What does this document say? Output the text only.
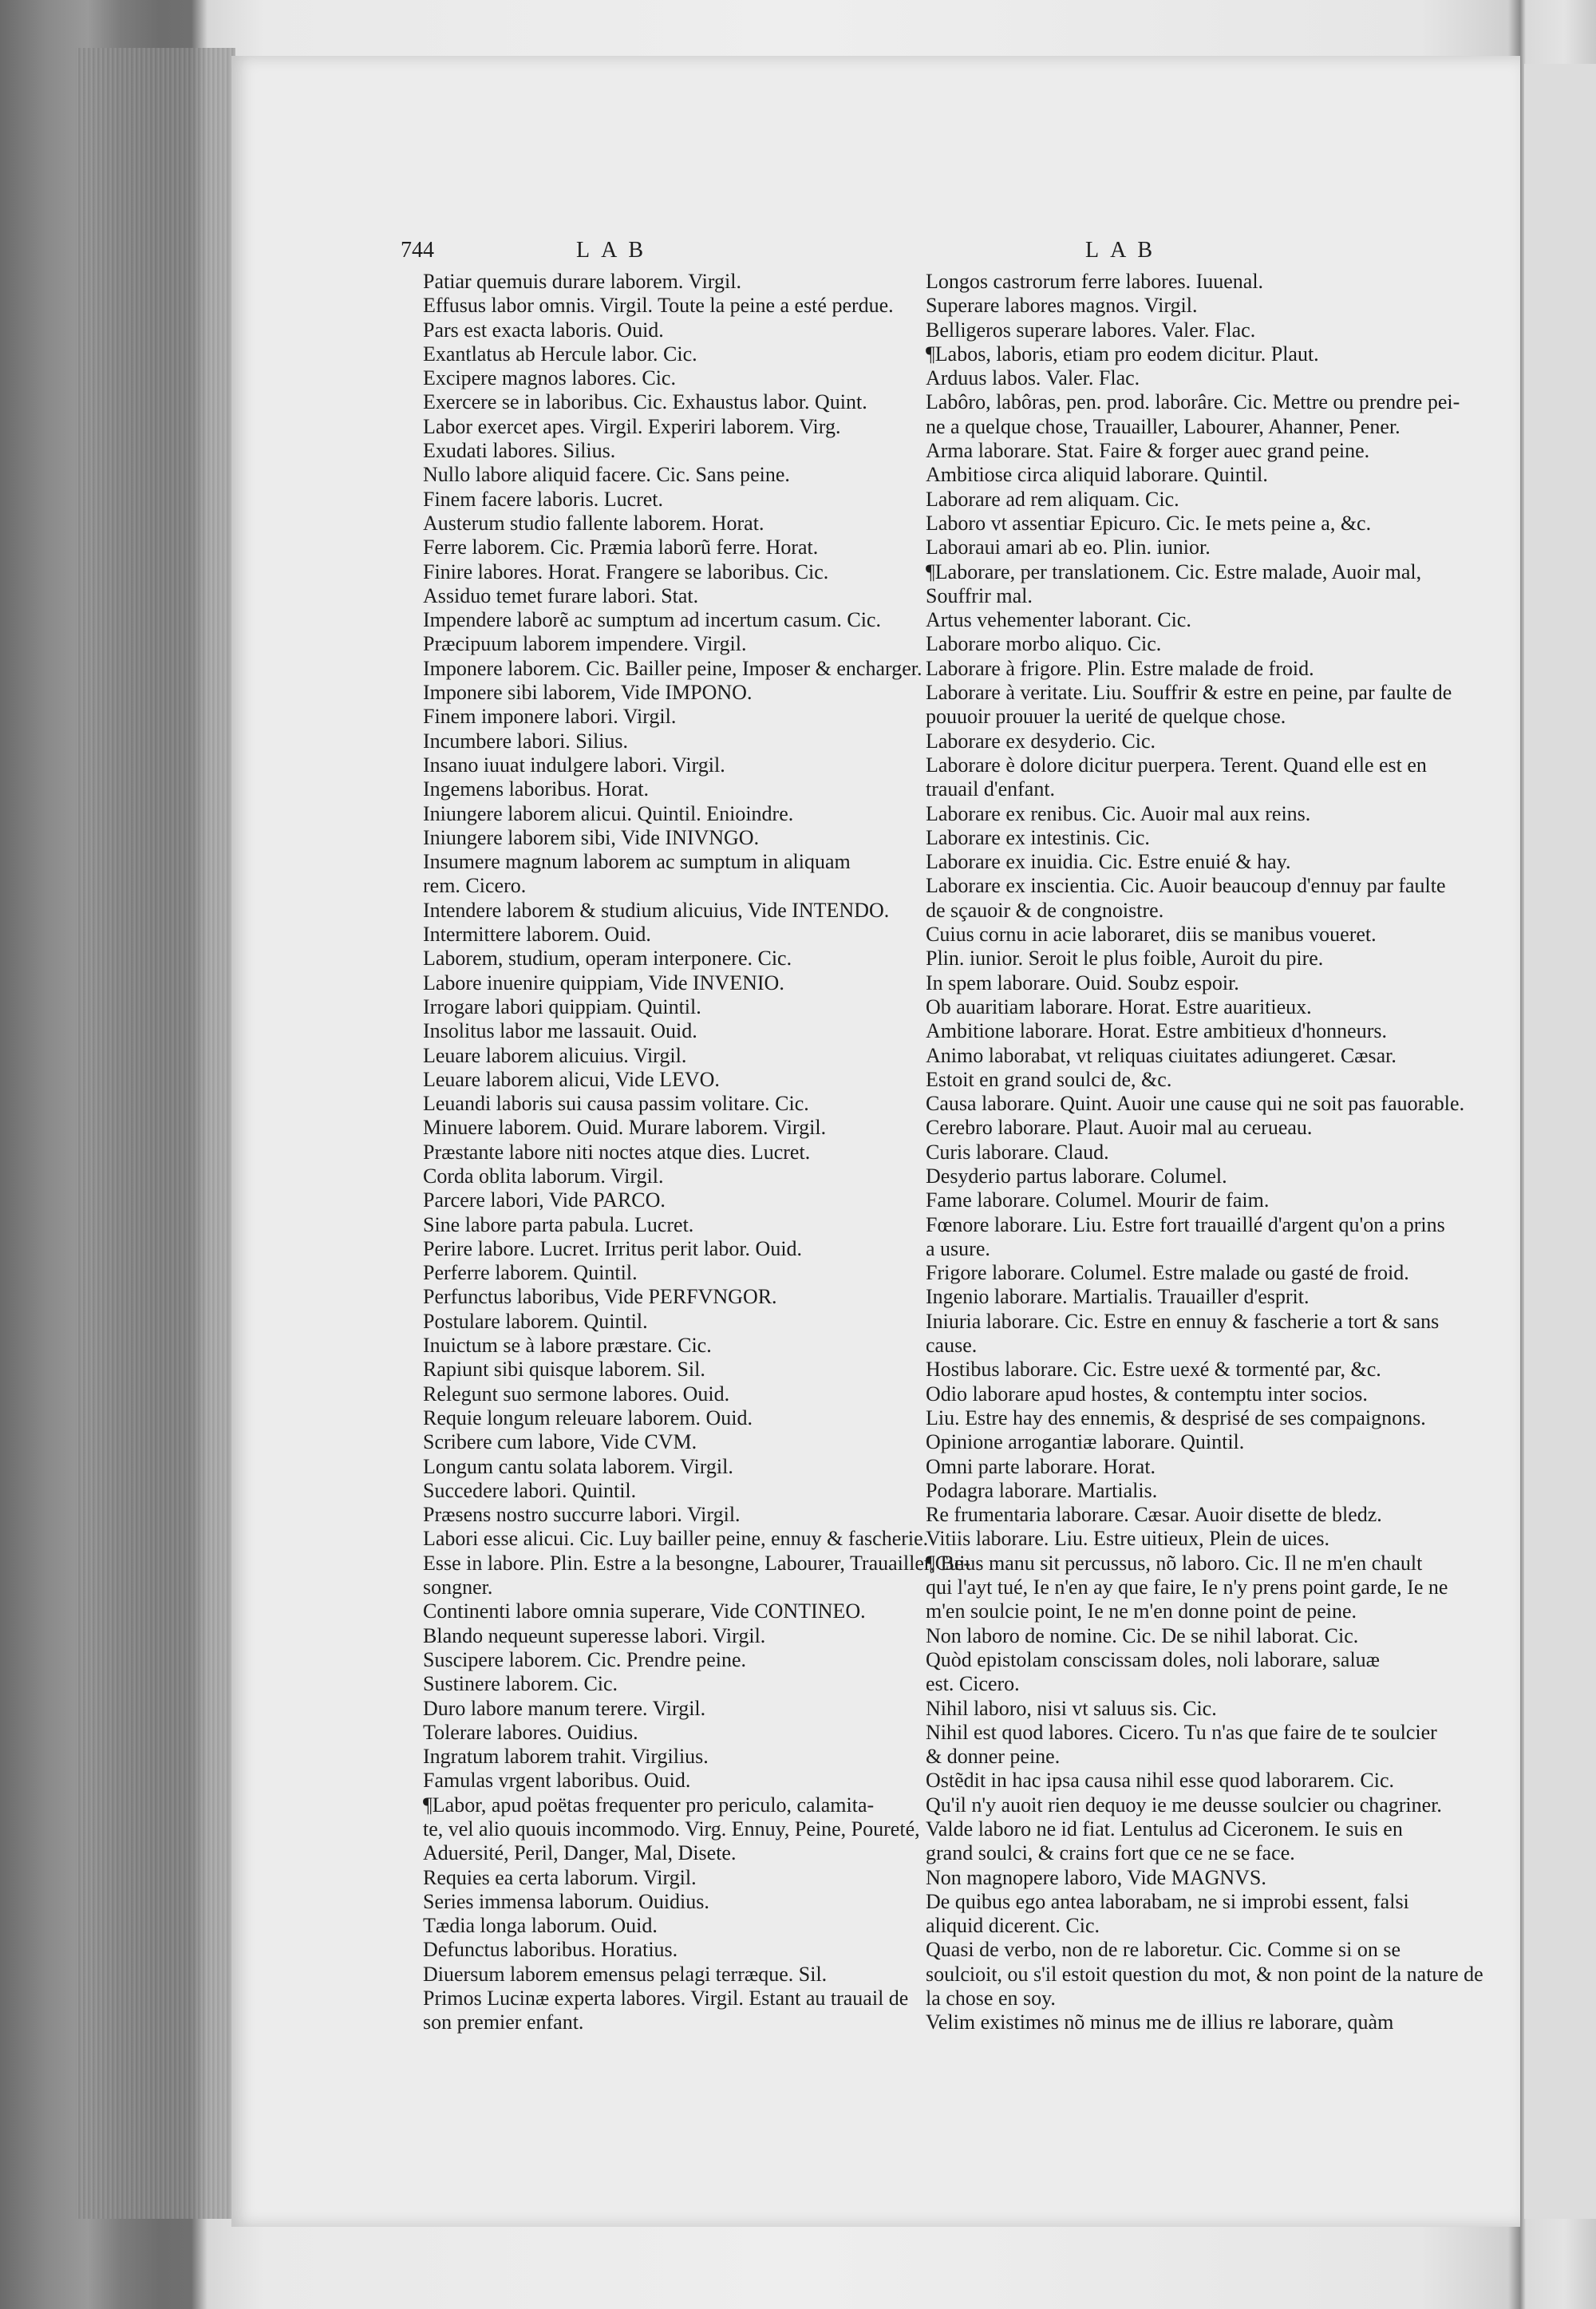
744	LAB	LAB

Patiar quemuis durare laborem. Virgil.

Effusus labor omnis. Virgil. Toute la peine a esté perdue.

Pars est exacta laboris. Ouid.

Exantlatus ab Hercule labor. Cic.

Excipere magnos labores. Cic.

Exercere se in laboribus. Cic. Exhaustus labor. Quint.

Labor exercet apes. Virgil. Experiri laborem. Virg.

Exudati labores. Silius.

Nullo labore aliquid facere. Cic. Sans peine.

Finem facere laboris. Lucret.

Austerum studio fallente laborem. Horat.

Ferre laborem. Cic. Præmia laborũ ferre. Horat.

Finire labores. Horat. Frangere se laboribus. Cic.

Assiduo temet furare labori. Stat.

Impendere laborẽ ac sumptum ad incertum casum. Cic.

Præcipuum laborem impendere. Virgil.

Imponere laborem. Cic. Bailler peine, Imposer & encharger.

Imponere sibi laborem, Vide IMPONO.

Finem imponere labori. Virgil.

Incumbere labori. Silius.

Insano iuuat indulgere labori. Virgil.

Ingemens laboribus. Horat.

Iniungere laborem alicui. Quintil. Enioindre.

Iniungere laborem sibi, Vide INIVNGO.

Insumere magnum laborem ac sumptum in aliquam

rem. Cicero.

Intendere laborem & studium alicuius, Vide INTENDO.

Intermittere laborem. Ouid.

Laborem, studium, operam interponere. Cic.

Labore inuenire quippiam, Vide INVENIO.

Irrogare labori quippiam. Quintil.

Insolitus labor me lassauit. Ouid.

Leuare laborem alicuius. Virgil.

Leuare laborem alicui, Vide LEVO.

Leuandi laboris sui causa passim volitare. Cic.

Minuere laborem. Ouid. Murare laborem. Virgil.

Præstante labore niti noctes atque dies. Lucret.

Corda oblita laborum. Virgil.

Parcere labori, Vide PARCO.

Sine labore parta pabula. Lucret.

Perire labore. Lucret. Irritus perit labor. Ouid.

Perferre laborem. Quintil.

Perfunctus laboribus, Vide PERFVNGOR.

Postulare laborem. Quintil.

Inuictum se à labore præstare. Cic.

Rapiunt sibi quisque laborem. Sil.

Relegunt suo sermone labores. Ouid.

Requie longum releuare laborem. Ouid.

Scribere cum labore, Vide CVM.

Longum cantu solata laborem. Virgil.

Succedere labori. Quintil.

Præsens nostro succurre labori. Virgil.

Labori esse alicui. Cic. Luy bailler peine, ennuy & fascherie.

Esse in labore. Plin. Estre a la besongne, Labourer, Trauailler, Be-

songner.

Continenti labore omnia superare, Vide CONTINEO.

Blando nequeunt superesse labori. Virgil.

Suscipere laborem. Cic. Prendre peine.

Sustinere laborem. Cic.

Duro labore manum terere. Virgil.

Tolerare labores. Ouidius.

Ingratum laborem trahit. Virgilius.

Famulas vrgent laboribus. Ouid.

¶Labor, apud poëtas frequenter pro periculo, calamita-

te, vel alio quouis incommodo. Virg. Ennuy, Peine, Poureté,

Aduersité, Peril, Danger, Mal, Disete.

Requies ea certa laborum. Virgil.

Series immensa laborum. Ouidius.

Tædia longa laborum. Ouid.

Defunctus laboribus. Horatius.

Diuersum laborem emensus pelagi terræque. Sil.

Primos Lucinæ experta labores. Virgil. Estant au trauail de

son premier enfant.

Longos castrorum ferre labores. Iuuenal.

Superare labores magnos. Virgil.

Belligeros superare labores. Valer. Flac.

¶Labos, laboris, etiam pro eodem dicitur. Plaut.

Arduus labos. Valer. Flac.

Labôro, labôras, pen. prod. laborâre. Cic. Mettre ou prendre pei-

ne a quelque chose, Trauailler, Labourer, Ahanner, Pener.

Arma laborare. Stat. Faire & forger auec grand peine.

Ambitiose circa aliquid laborare. Quintil.

Laborare ad rem aliquam. Cic.

Laboro vt assentiar Epicuro. Cic. Ie mets peine a, &c.

Laboraui amari ab eo. Plin. iunior.

¶Laborare, per translationem. Cic. Estre malade, Auoir mal,

Souffrir mal.

Artus vehementer laborant. Cic.

Laborare morbo aliquo. Cic.

Laborare à frigore. Plin. Estre malade de froid.

Laborare à veritate. Liu. Souffrir & estre en peine, par faulte de

pouuoir prouuer la uerité de quelque chose.

Laborare ex desyderio. Cic.

Laborare è dolore dicitur puerpera. Terent. Quand elle est en

trauail d'enfant.

Laborare ex renibus. Cic. Auoir mal aux reins.

Laborare ex intestinis. Cic.

Laborare ex inuidia. Cic. Estre enuié & hay.

Laborare ex inscientia. Cic. Auoir beaucoup d'ennuy par faulte

de sçauoir & de congnoistre.

Cuius cornu in acie laboraret, diis se manibus voueret.

Plin. iunior. Seroit le plus foible, Auroit du pire.

In spem laborare. Ouid. Soubz espoir.

Ob auaritiam laborare. Horat. Estre auaritieux.

Ambitione laborare. Horat. Estre ambitieux d'honneurs.

Animo laborabat, vt reliquas ciuitates adiungeret. Cæsar.

Estoit en grand soulci de, &c.

Causa laborare. Quint. Auoir une cause qui ne soit pas fauorable.

Cerebro laborare. Plaut. Auoir mal au cerueau.

Curis laborare. Claud.

Desyderio partus laborare. Columel.

Fame laborare. Columel. Mourir de faim.

Fœnore laborare. Liu. Estre fort trauaillé d'argent qu'on a prins

a usure.

Frigore laborare. Columel. Estre malade ou gasté de froid.

Ingenio laborare. Martialis. Trauailler d'esprit.

Iniuria laborare. Cic. Estre en ennuy & fascherie a tort & sans

cause.

Hostibus laborare. Cic. Estre uexé & tormenté par, &c.

Odio laborare apud hostes, & contemptu inter socios.

Liu. Estre hay des ennemis, & desprisé de ses compaignons.

Opinione arrogantiæ laborare. Quintil.

Omni parte laborare. Horat.

Podagra laborare. Martialis.

Re frumentaria laborare. Cæsar. Auoir disette de bledz.

Vitiis laborare. Liu. Estre uitieux, Plein de uices.

¶Cuius manu sit percussus, nõ laboro. Cic. Il ne m'en chault

qui l'ayt tué, Ie n'en ay que faire, Ie n'y prens point garde, Ie ne

m'en soulcie point, Ie ne m'en donne point de peine.

Non laboro de nomine. Cic. De se nihil laborat. Cic.

Quòd epistolam conscissam doles, noli laborare, saluæ

est. Cicero.

Nihil laboro, nisi vt saluus sis. Cic.

Nihil est quod labores. Cicero. Tu n'as que faire de te soulcier

& donner peine.

Ostẽdit in hac ipsa causa nihil esse quod laborarem. Cic.

Qu'il n'y auoit rien dequoy ie me deusse soulcier ou chagriner.

Valde laboro ne id fiat. Lentulus ad Ciceronem. Ie suis en

grand soulci, & crains fort que ce ne se face.

Non magnopere laboro, Vide MAGNVS.

De quibus ego antea laborabam, ne si improbi essent, falsi

aliquid dicerent. Cic.

Quasi de verbo, non de re laboretur. Cic. Comme si on se

soulcioit, ou s'il estoit question du mot, & non point de la nature de

la chose en soy.

Velim existimes nõ minus me de illius re laborare, quàm
